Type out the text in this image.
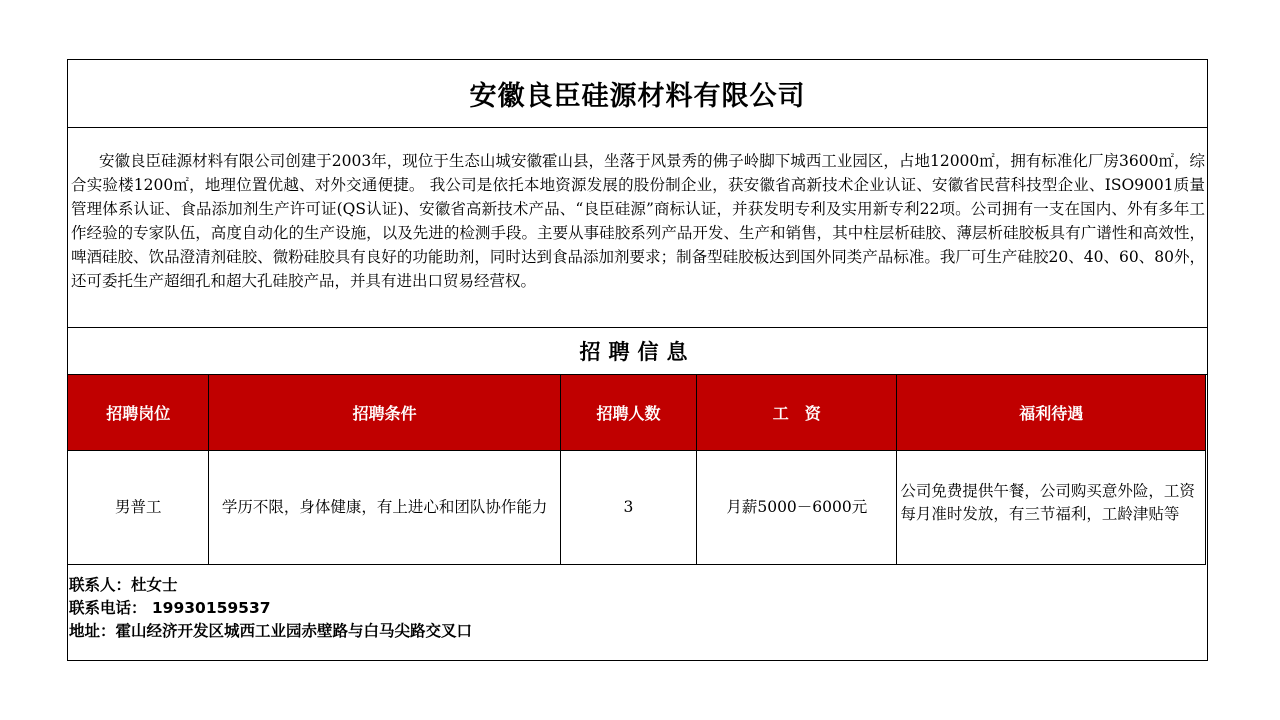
安徽良臣硅源材料有限公司

安徽良臣硅源材料有限公司创建于2003年，现位于生态山城安徽霍山县，坐落于风景秀的佛子岭脚下城西工业园区，占地12000㎡，拥有标准化厂房3600㎡，综合实验楼1200㎡，地理位置优越、对外交通便捷。 我公司是依托本地资源发展的股份制企业，获安徽省高新技术企业认证、安徽省民营科技型企业、ISO9001质量管理体系认证、食品添加剂生产许可证(QS认证)、安徽省高新技术产品、“良臣硅源”商标认证，并获发明专利及实用新专利22项。公司拥有一支在国内、外有多年工作经验的专家队伍，高度自动化的生产设施，以及先进的检测手段。主要从事硅胶系列产品开发、生产和销售，其中柱层析硅胶、薄层析硅胶板具有广谱性和高效性，啤酒硅胶、饮品澄清剂硅胶、微粉硅胶具有良好的功能助剂，同时达到食品添加剂要求；制备型硅胶板达到国外同类产品标准。我厂可生产硅胶20、40、60、80外，还可委托生产超细孔和超大孔硅胶产品，并具有进出口贸易经营权。

招聘信息
招聘岗位	招聘条件	招聘人数	工　资	福利待遇
男普工	学历不限，身体健康，有上进心和团队协作能力	3	月薪5000－6000元	公司免费提供午餐，公司购买意外险，工资每月准时发放，有三节福利，工龄津贴等
联系人：杜女士
联系电话： 19930159537
地址：霍山经济开发区城西工业园赤壁路与白马尖路交叉口
